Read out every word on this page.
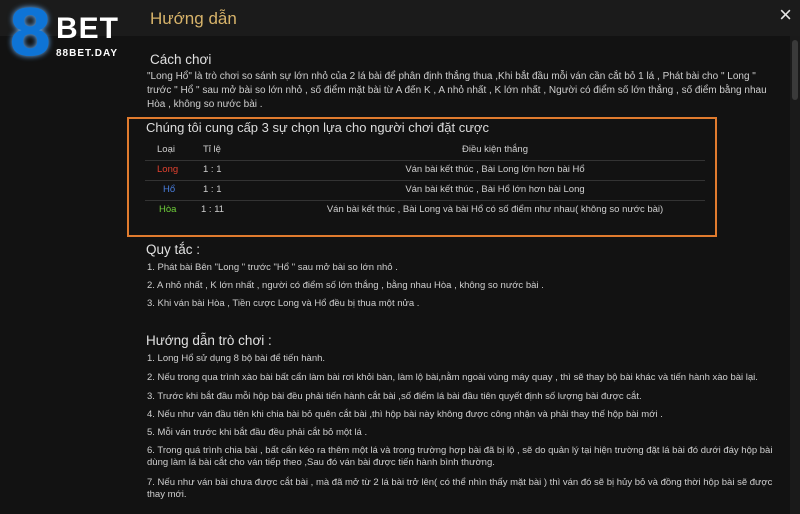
Hướng dẫn	×
8 BET
88BET.DAY Cách chơi
"Long Hổ" là trò chơi so sánh sự lớn nhỏ của 2 lá bài để phân định thắng thua ,Khi bắt đầu mỗi ván cần cắt bỏ 1 lá , Phát bài cho " Long " trước " Hổ " sau mở bài so lớn nhỏ , số điểm mặt bài từ A đến K , A nhỏ nhất , K lớn nhất , Người có điểm số lớn thắng , số điểm bằng nhau Hòa , không so nước bài .
Chúng tôi cung cấp 3 sự chọn lựa cho người chơi đặt cược
Loại	Tỉ lệ	Điều kiện thắng
Long	1 : 1	Ván bài kết thúc , Bài Long lớn hơn bài Hổ
Hổ	1 : 1	Ván bài kết thúc , Bài Hổ lớn hơn bài Long
Hòa	1 : 11	Ván bài kết thúc , Bài Long và bài Hổ có số điểm như nhau( không so nước bài)
Quy tắc :
1. Phát bài Bên "Long " trước "Hổ " sau mở bài so lớn nhỏ .
2. A nhỏ nhất , K lớn nhất , người có điểm số lớn thắng , bằng nhau Hòa , không so nước bài .
3. Khi ván bài Hòa , Tiền cược Long và Hổ đều bị thua một nửa .
Hướng dẫn trò chơi :
1. Long Hổ sử dụng 8 bộ bài để tiến hành.
2. Nếu trong qua trình xào bài bất cẩn làm bài rơi khỏi bàn, làm lộ bài,nằm ngoài vùng máy quay , thì sẽ thay bộ bài khác và tiến hành xào bài lại.
3. Trước khi bắt đầu mỗi hộp bài đều phải tiến hành cắt bài ,số điểm lá bài đầu tiên quyết định số lượng bài được cắt.
4. Nếu như ván đầu tiên khi chia bài bỏ quên cắt bài ,thì hộp bài này không được công nhận và phải thay thế hộp bài mới .
5. Mỗi ván trước khi bắt đầu đều phải cắt bỏ một lá .
6. Trong quá trình chia bài , bất cẩn kéo ra thêm một lá và trong trường hợp bài đã bị lộ , sẽ do quản lý tại hiện trường đặt lá bài đó dưới đáy hộp bài dùng làm lá bài cắt cho ván tiếp theo ,Sau đó ván bài được tiến hành bình thường.
7. Nếu như ván bài chưa được cắt bài , mà đã mở từ 2 lá bài trở lên( có thể nhìn thấy mặt bài ) thì ván đó sẽ bị hủy bỏ và đồng thời hộp bài sẽ được thay mới.
